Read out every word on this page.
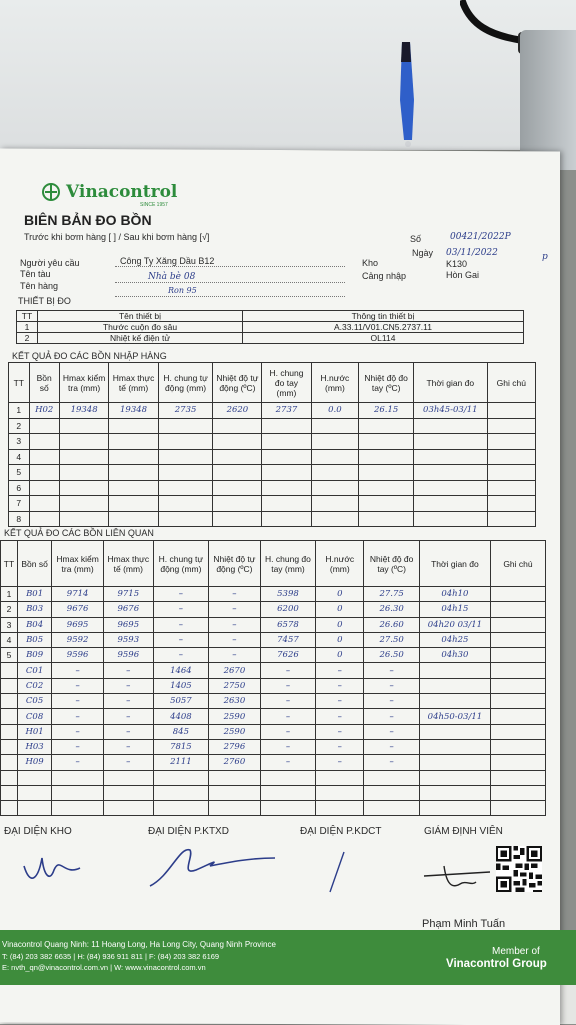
Vinacontrol
SINCE 1957
BIÊN BẢN ĐO BỒN
Trước khi bơm hàng [ ] / Sau khi bơm hàng [√]	Số	00421/2022P
Ngày 03/11/2022	p
Người yêu cầu	Công Ty Xăng Dầu B12	Kho	K130
Tên tàu	Nhà bè 08	Cảng nhập	Hòn Gai
Tên hàng	Ron 95
THIẾT BỊ ĐO
TT	Tên thiết bị	Thông tin thiết bị
1	Thước cuộn đo sâu	A.33.11/V01.CN5.2737.11
2	Nhiệt kế điện tử	OL114
KẾT QUẢ ĐO CÁC BỒN NHẬP HÀNG
TT	Bồn số	Hmax kiểm tra (mm)	Hmax thực tế (mm)	H. chung tự động (mm)	Nhiệt độ tự động (ºC)	H. chung đo tay (mm)	H.nước (mm)	Nhiệt độ đo tay (ºC)	Thời gian đo	Ghi chú
1	H02	19348	19348	2735	2620	2737	0.0	26.15	03h45-03/11	
2										
3										
4										
5										
6										
7										
8										
KẾT QUẢ ĐO CÁC BỒN LIÊN QUAN
TT	Bồn số	Hmax kiểm tra (mm)	Hmax thực tế (mm)	H. chung tự động (mm)	Nhiệt độ tự động (ºC)	H. chung đo tay (mm)	H.nước (mm)	Nhiệt độ đo tay (ºC)	Thời gian đo	Ghi chú
1	B01	9714	9715	–	–	5398	0	27.75	04h10	
2	B03	9676	9676	–	–	6200	0	26.30	04h15	
3	B04	9695	9695	–	–	6578	0	26.60	04h20 03/11	
4	B05	9592	9593	–	–	7457	0	27.50	04h25	
5	B09	9596	9596	–	–	7626	0	26.50	04h30	
	C01	–	–	1464	2670	–	–	–		
	C02	–	–	1405	2750	–	–	–		
	C05	–	–	5057	2630	–	–	–		
	C08	–	–	4408	2590	–	–	–	04h50-03/11	
	H01	–	–	845	2590	–	–	–		
	H03	–	–	7815	2796	–	–	–		
	H09	–	–	2111	2760	–	–	–		

ĐẠI DIỆN KHO	ĐẠI DIỆN P.KTXD	ĐẠI DIỆN P.KDCT	GIÁM ĐỊNH VIÊN
Phạm Minh Tuấn
Vinacontrol Quang Ninh: 11 Hoang Long, Ha Long City, Quang Ninh Province
T: (84) 203 382 6635 | H: (84) 936 911 811 | F: (84) 203 382 6169
E: nvth_qn@vinacontrol.com.vn | W: www.vinacontrol.com.vn
Member of
Vinacontrol Group
